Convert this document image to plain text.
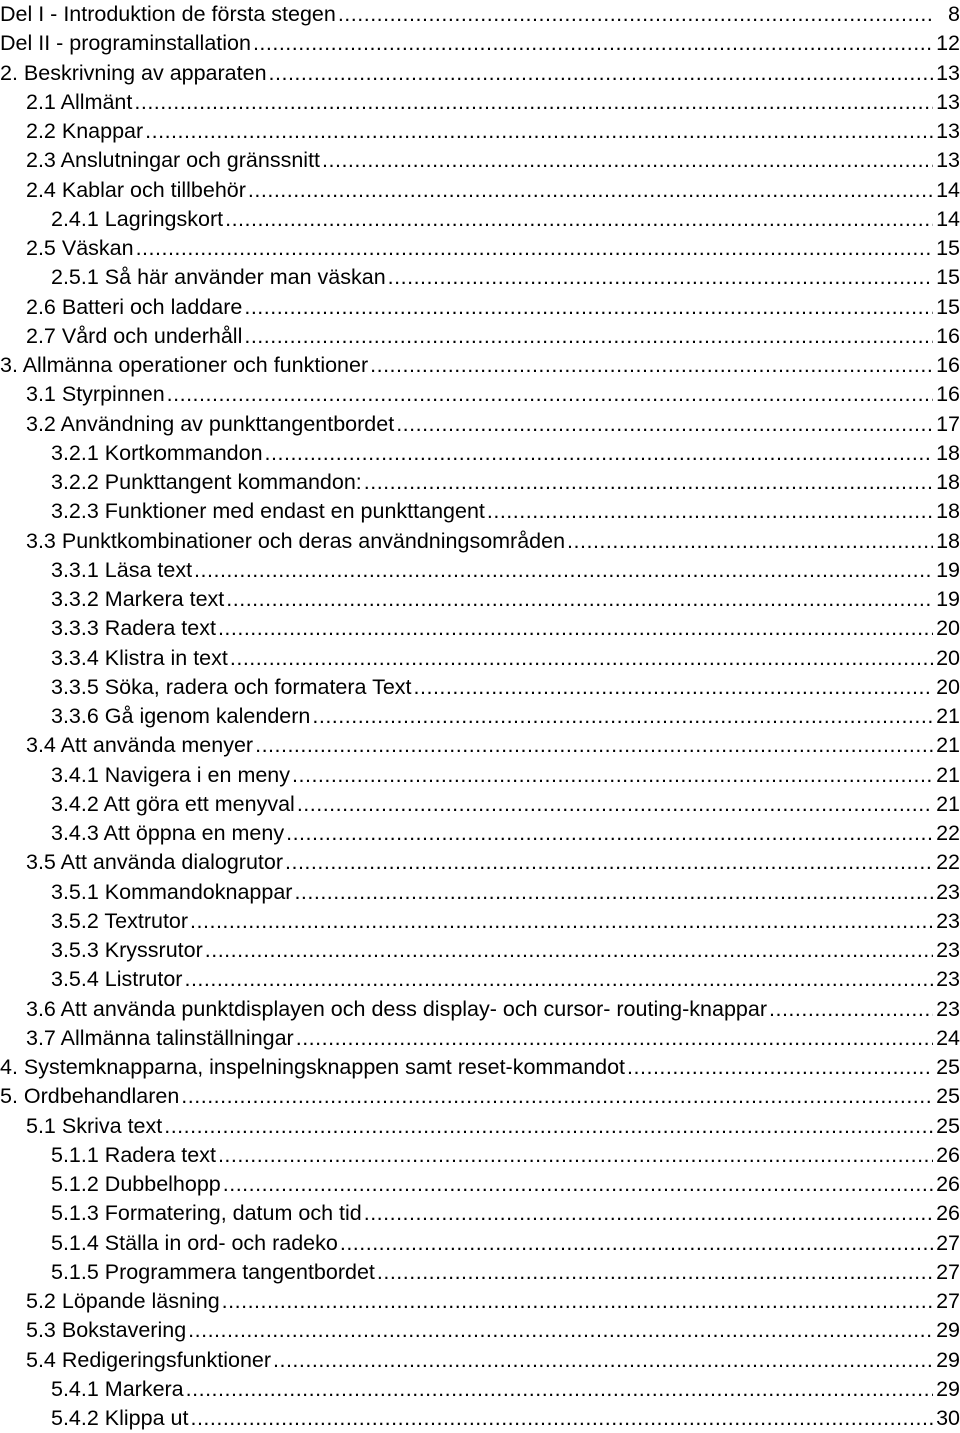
Del I - Introduktion de första stegen .....	8
Del II - programinstallation .....	12
2. Beskrivning av apparaten .....	13
2.1 Allmänt .....	13
2.2 Knappar .....	13
2.3 Anslutningar och gränssnitt .....	13
2.4 Kablar och tillbehör .....	14
2.4.1 Lagringskort .....	14
2.5 Väskan .....	15
2.5.1 Så här använder man väskan .....	15
2.6 Batteri och laddare .....	15
2.7 Vård och underhåll .....	16
3. Allmänna operationer och funktioner .....	16
3.1 Styrpinnen .....	16
3.2 Användning av punkttangentbordet .....	17
3.2.1 Kortkommandon .....	18
3.2.2 Punkttangent kommandon: .....	18
3.2.3 Funktioner med endast en punkttangent .....	18
3.3 Punktkombinationer och deras användningsområden .....	18
3.3.1 Läsa text .....	19
3.3.2 Markera text .....	19
3.3.3 Radera text .....	20
3.3.4 Klistra in text .....	20
3.3.5 Söka, radera och formatera Text .....	20
3.3.6 Gå igenom kalendern .....	21
3.4 Att använda menyer .....	21
3.4.1 Navigera i en meny .....	21
3.4.2 Att göra ett menyval .....	21
3.4.3 Att öppna en meny .....	22
3.5 Att använda dialogrutor .....	22
3.5.1 Kommandoknappar .....	23
3.5.2 Textrutor .....	23
3.5.3 Kryssrutor .....	23
3.5.4 Listrutor .....	23
3.6 Att använda punktdisplayen och dess display- och cursor- routing-knappar .....	23
3.7 Allmänna talinställningar .....	24
4. Systemknapparna, inspelningsknappen samt reset-kommandot .....	25
5. Ordbehandlaren .....	25
5.1 Skriva text .....	25
5.1.1 Radera text .....	26
5.1.2 Dubbelhopp .....	26
5.1.3 Formatering, datum och tid .....	26
5.1.4 Ställa in ord- och radeko .....	27
5.1.5 Programmera tangentbordet .....	27
5.2 Löpande läsning .....	27
5.3 Bokstavering .....	29
5.4 Redigeringsfunktioner .....	29
5.4.1 Markera .....	29
5.4.2 Klippa ut .....	30
